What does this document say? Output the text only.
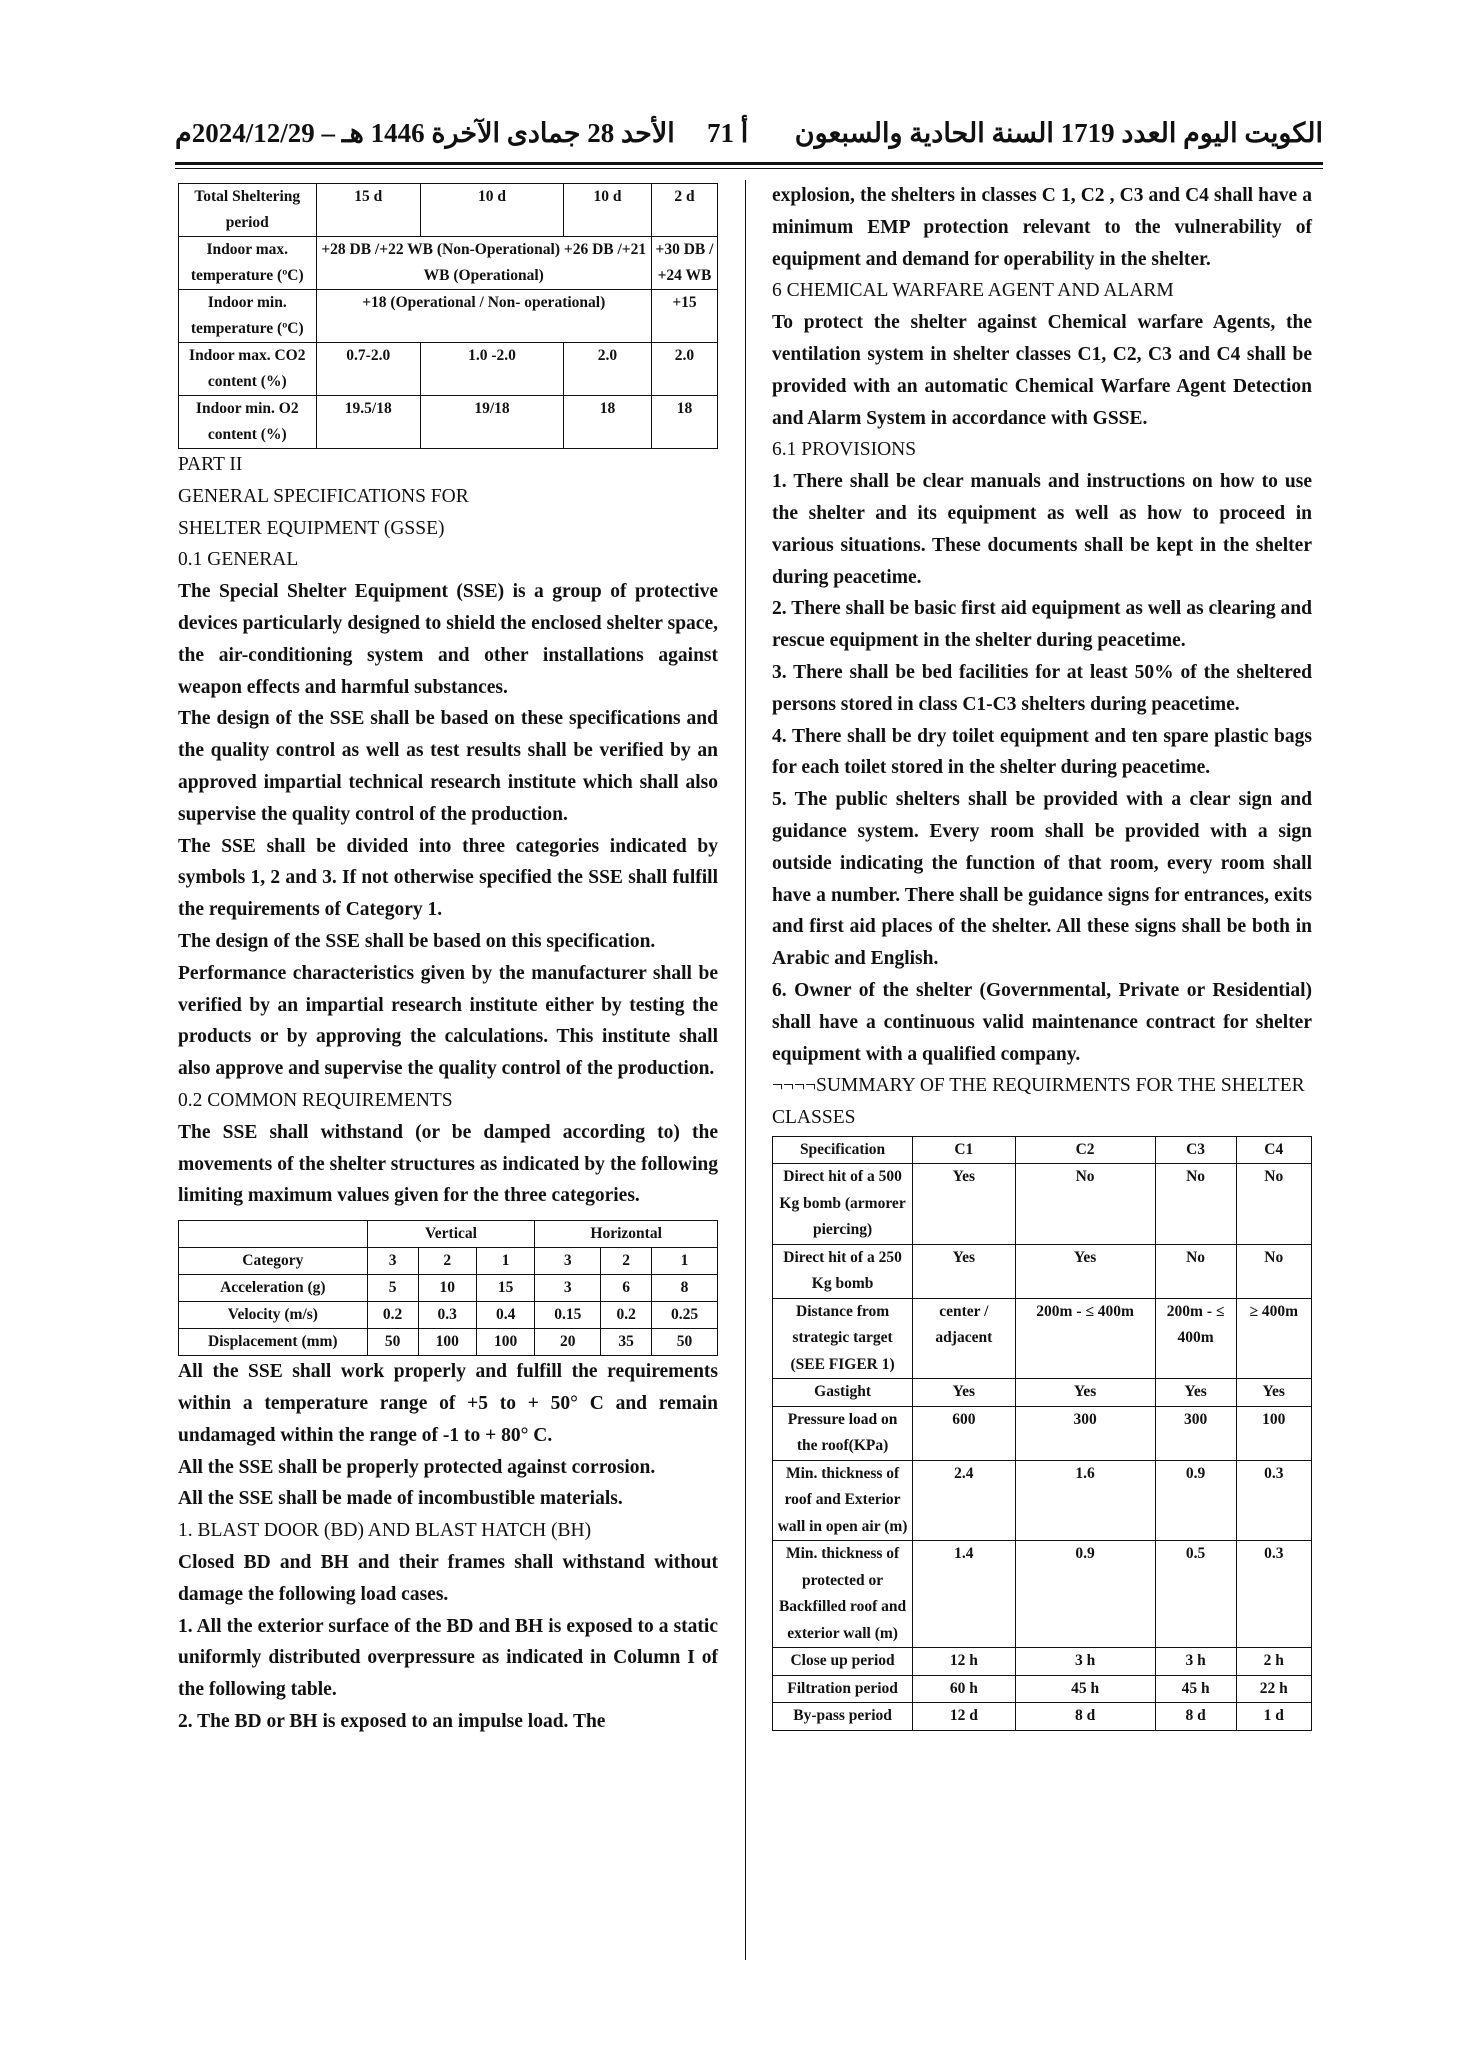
الأحد 28 جمادى الآخرة 1446 هـ – 2024/12/29م 71 أ الكويت اليوم العدد 1719 السنة الحادية والسبعون
Total Sheltering period	15 d	10 d	10 d	2 d
Indoor max. temperature (ºC)	+28 DB /+22 WB (Non-Operational) +26 DB /+21 WB (Operational)			+30 DB / +24 WB
Indoor min. temperature (ºC)	+18 (Operational / Non- operational)			+15
Indoor max. CO2 content (%)	0.7-2.0	1.0 -2.0	2.0	2.0
Indoor min. O2 content (%)	19.5/18	19/18	18	18

PART II

GENERAL SPECIFICATIONS FOR

SHELTER EQUIPMENT (GSSE)

0.1 GENERAL

The Special Shelter Equipment (SSE) is a group of protective devices particularly designed to shield the enclosed shelter space, the air-conditioning system and other installations against weapon effects and harmful substances.

The design of the SSE shall be based on these specifications and the quality control as well as test results shall be verified by an approved impartial technical research institute which shall also supervise the quality control of the production.

The SSE shall be divided into three categories indicated by symbols 1, 2 and 3. If not otherwise specified the SSE shall fulfill the requirements of Category 1.

The design of the SSE shall be based on this specification.

Performance characteristics given by the manufacturer shall be verified by an impartial research institute either by testing the products or by approving the calculations. This institute shall also approve and supervise the quality control of the production.

0.2 COMMON REQUIREMENTS

The SSE shall withstand (or be damped according to) the movements of the shelter structures as indicated by the following limiting maximum values given for the three categories.

	Vertical			Horizontal		
Category	3	2	1	3	2	1
Acceleration (g)	5	10	15	3	6	8
Velocity (m/s)	0.2	0.3	0.4	0.15	0.2	0.25
Displacement (mm)	50	100	100	20	35	50

All the SSE shall work properly and fulfill the requirements within a temperature range of +5 to + 50° C and remain undamaged within the range of -1 to + 80° C.

All the SSE shall be properly protected against corrosion.

All the SSE shall be made of incombustible materials.

1. BLAST DOOR (BD) AND BLAST HATCH (BH)

Closed BD and BH and their frames shall withstand without damage the following load cases.

1. All the exterior surface of the BD and BH is exposed to a static uniformly distributed overpressure as indicated in Column I of the following table.

2. The BD or BH is exposed to an impulse load. The

explosion, the shelters in classes C 1, C2 , C3 and C4 shall have a minimum EMP protection relevant to the vulnerability of equipment and demand for operability in the shelter.

6 CHEMICAL WARFARE AGENT AND ALARM

To protect the shelter against Chemical warfare Agents, the ventilation system in shelter classes C1, C2, C3 and C4 shall be provided with an automatic Chemical Warfare Agent Detection and Alarm System in accordance with GSSE.

6.1 PROVISIONS

1. There shall be clear manuals and instructions on how to use the shelter and its equipment as well as how to proceed in various situations. These documents shall be kept in the shelter during peacetime.

2. There shall be basic first aid equipment as well as clearing and rescue equipment in the shelter during peacetime.

3. There shall be bed facilities for at least 50% of the sheltered persons stored in class C1-C3 shelters during peacetime.

4. There shall be dry toilet equipment and ten spare plastic bags for each toilet stored in the shelter during peacetime.

5. The public shelters shall be provided with a clear sign and guidance system. Every room shall be provided with a sign outside indicating the function of that room, every room shall have a number. There shall be guidance signs for entrances, exits and first aid places of the shelter. All these signs shall be both in Arabic and English.

6. Owner of the shelter (Governmental, Private or Residential) shall have a continuous valid maintenance contract for shelter equipment with a qualified company.

¬¬¬¬SUMMARY OF THE REQUIRMENTS FOR THE SHELTER CLASSES

Specification	C1	C2	C3	C4
Direct hit of a 500 Kg bomb (armorer piercing)	Yes	No	No	No
Direct hit of a 250 Kg bomb	Yes	Yes	No	No
Distance from strategic target (SEE FIGER 1)	center / adjacent	200m - ≤ 400m	200m - ≤ 400m	≥ 400m
Gastight	Yes	Yes	Yes	Yes
Pressure load on the roof(KPa)	600	300	300	100
Min. thickness of roof and Exterior wall in open air (m)	2.4	1.6	0.9	0.3
Min. thickness of protected or Backfilled roof and exterior wall (m)	1.4	0.9	0.5	0.3
Close up period	12 h	3 h	3 h	2 h
Filtration period	60 h	45 h	45 h	22 h
By-pass period	12 d	8 d	8 d	1 d
